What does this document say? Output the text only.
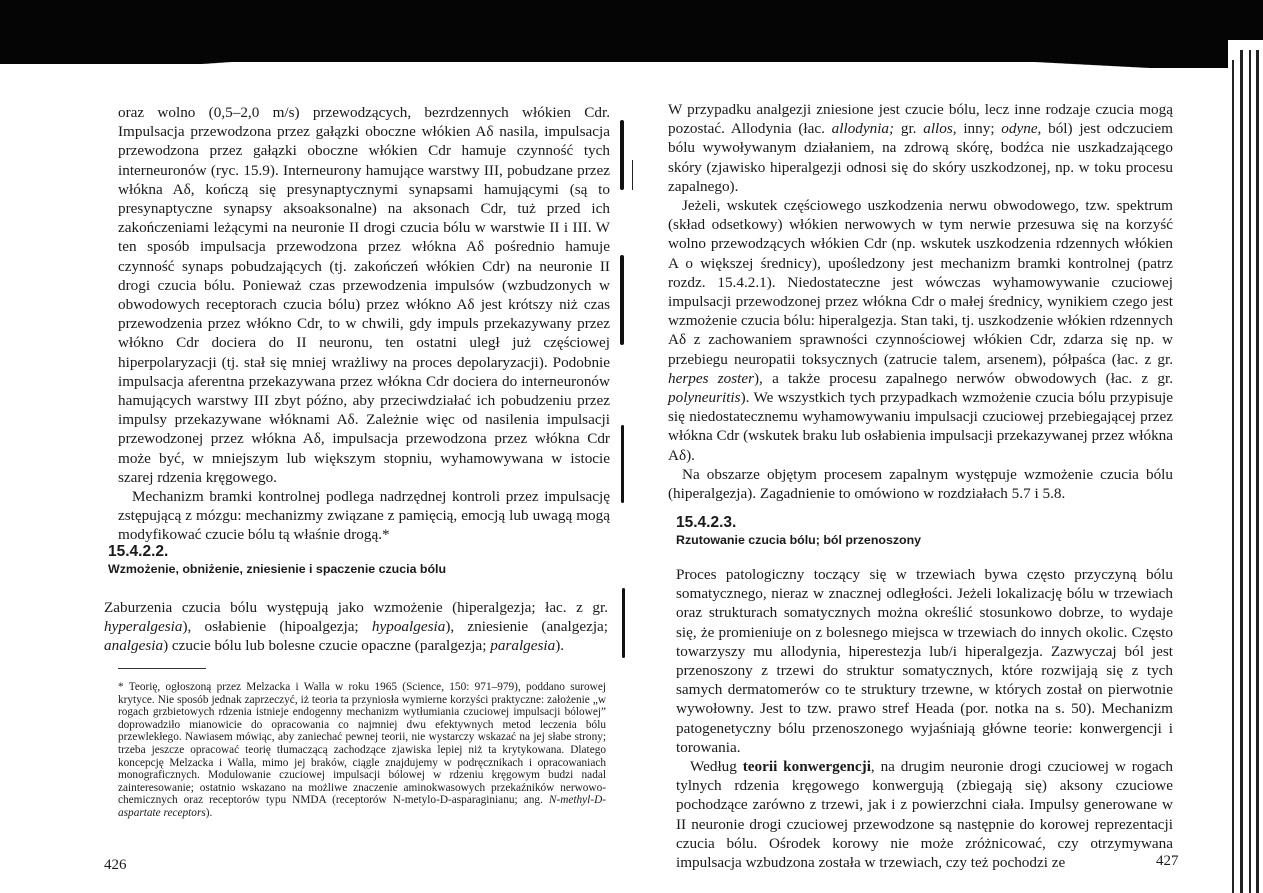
oraz wolno (0,5–2,0 m/s) przewodzących, bezrdzennych włókien Cdr. Impulsacja przewodzona przez gałązki oboczne włókien Aδ nasila, impulsacja przewodzona przez gałązki oboczne włókien Cdr hamuje czynność tych interneuronów (ryc. 15.9). Interneurony hamujące warstwy III, pobudzane przez włókna Aδ, kończą się presynaptycznymi synapsami hamującymi (są to presynaptyczne synapsy aksoaksonalne) na aksonach Cdr, tuż przed ich zakończeniami leżącymi na neuronie II drogi czucia bólu w warstwie II i III. W ten sposób impulsacja przewodzona przez włókna Aδ pośrednio hamuje czynność synaps pobudzających (tj. zakończeń włókien Cdr) na neuronie II drogi czucia bólu. Ponieważ czas przewodzenia impulsów (wzbudzonych w obwodowych receptorach czucia bólu) przez włókno Aδ jest krótszy niż czas przewodzenia przez włókno Cdr, to w chwili, gdy impuls przekazywany przez włókno Cdr dociera do II neuronu, ten ostatni uległ już częściowej hiperpolaryzacji (tj. stał się mniej wrażliwy na proces depolaryzacji). Podobnie impulsacja aferentna przekazywana przez włókna Cdr dociera do interneuronów hamujących warstwy III zbyt późno, aby przeciwdziałać ich pobudzeniu przez impulsy przekazywane włóknami Aδ. Zależnie więc od nasilenia impulsacji przewodzonej przez włókna Aδ, impulsacja przewodzona przez włókna Cdr może być, w mniejszym lub większym stopniu, wyhamowywana w istocie szarej rdzenia kręgowego.

Mechanizm bramki kontrolnej podlega nadrzędnej kontroli przez impulsację zstępującą z mózgu: mechanizmy związane z pamięcią, emocją lub uwagą mogą modyfikować czucie bólu tą właśnie drogą.*

15.4.2.2.
Wzmożenie, obniżenie, zniesienie i spaczenie czucia bólu

Zaburzenia czucia bólu występują jako wzmożenie (hiperalgezja; łac. z gr. hyperalgesia), osłabienie (hipoalgezja; hypoalgesia), zniesienie (analgezja; analgesia) czucie bólu lub bolesne czucie opaczne (paralgezja; paralgesia).

* Teorię, ogłoszoną przez Melzacka i Walla w roku 1965 (Science, 150: 971–979), poddano surowej krytyce. Nie sposób jednak zaprzeczyć, iż teoria ta przyniosła wymierne korzyści praktyczne: założenie „w rogach grzbietowych rdzenia istnieje endogenny mechanizm wytłumiania czuciowej impulsacji bólowej” doprowadziło mianowicie do opracowania co najmniej dwu efektywnych metod leczenia bólu przewlekłego. Nawiasem mówiąc, aby zaniechać pewnej teorii, nie wystarczy wskazać na jej słabe strony; trzeba jeszcze opracować teorię tłumaczącą zachodzące zjawiska lepiej niż ta krytykowana. Dlatego koncepcję Melzacka i Walla, mimo jej braków, ciągle znajdujemy w podręcznikach i opracowaniach monograficznych. Modulowanie czuciowej impulsacji bólowej w rdzeniu kręgowym budzi nadal zainteresowanie; ostatnio wskazano na możliwe znaczenie aminokwasowych przekaźników nerwowo-chemicznych oraz receptorów typu NMDA (receptorów N-metylo-D-asparaginianu; ang. N-methyl-D-aspartate receptors).
426

W przypadku analgezji zniesione jest czucie bólu, lecz inne rodzaje czucia mogą pozostać. Allodynia (łac. allodynia; gr. allos, inny; odyne, ból) jest odczuciem bólu wywoływanym działaniem, na zdrową skórę, bodźca nie uszkadzającego skóry (zjawisko hiperalgezji odnosi się do skóry uszkodzonej, np. w toku procesu zapalnego).

Jeżeli, wskutek częściowego uszkodzenia nerwu obwodowego, tzw. spektrum (skład odsetkowy) włókien nerwowych w tym nerwie przesuwa się na korzyść wolno przewodzących włókien Cdr (np. wskutek uszkodzenia rdzennych włókien A o większej średnicy), upośledzony jest mechanizm bramki kontrolnej (patrz rozdz. 15.4.2.1). Niedostateczne jest wówczas wyhamowywanie czuciowej impulsacji przewodzonej przez włókna Cdr o małej średnicy, wynikiem czego jest wzmożenie czucia bólu: hiperalgezja. Stan taki, tj. uszkodzenie włókien rdzennych Aδ z zachowaniem sprawności czynnościowej włókien Cdr, zdarza się np. w przebiegu neuropatii toksycznych (zatrucie talem, arsenem), półpaśca (łac. z gr. herpes zoster), a także procesu zapalnego nerwów obwodowych (łac. z gr. polyneuritis). We wszystkich tych przypadkach wzmożenie czucia bólu przypisuje się niedostatecznemu wyhamowywaniu impulsacji czuciowej przebiegającej przez włókna Cdr (wskutek braku lub osłabienia impulsacji przekazywanej przez włókna Aδ).

Na obszarze objętym procesem zapalnym występuje wzmożenie czucia bólu (hiperalgezja). Zagadnienie to omówiono w rozdziałach 5.7 i 5.8.

15.4.2.3.
Rzutowanie czucia bólu; ból przenoszony

Proces patologiczny toczący się w trzewiach bywa często przyczyną bólu somatycznego, nieraz w znacznej odległości. Jeżeli lokalizację bólu w trzewiach oraz strukturach somatycznych można określić stosunkowo dobrze, to wydaje się, że promieniuje on z bolesnego miejsca w trzewiach do innych okolic. Często towarzyszy mu allodynia, hiperestezja lub/i hiperalgezja. Zazwyczaj ból jest przenoszony z trzewi do struktur somatycznych, które rozwijają się z tych samych dermatomerów co te struktury trzewne, w których został on pierwotnie wywołowny. Jest to tzw. prawo stref Heada (por. notka na s. 50). Mechanizm patogenetyczny bólu przenoszonego wyjaśniają główne teorie: konwergencji i torowania.

Według teorii konwergencji, na drugim neuronie drogi czuciowej w rogach tylnych rdzenia kręgowego konwergują (zbiegają się) aksony czuciowe pochodzące zarówno z trzewi, jak i z powierzchni ciała. Impulsy generowane w II neuronie drogi czuciowej przewodzone są następnie do korowej reprezentacji czucia bólu. Ośrodek korowy nie może zróżnicować, czy otrzymywana impulsacja wzbudzona została w trzewiach, czy też pochodzi ze	427
